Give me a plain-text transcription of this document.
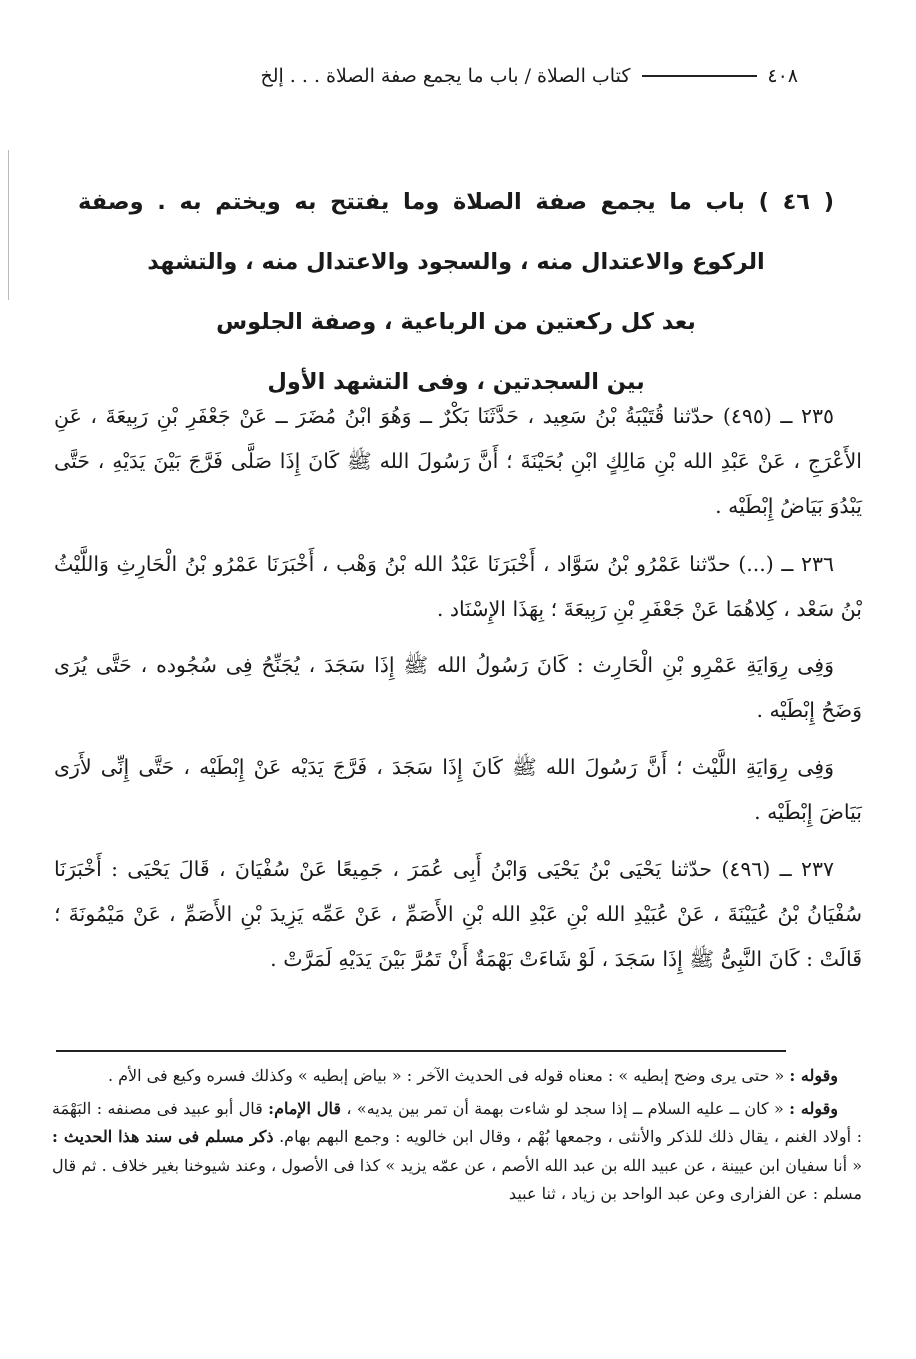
٤٠٨
كتاب الصلاة / باب ما يجمع صفة الصلاة . . . إلخ
( ٤٦ ) باب ما يجمع صفة الصلاة وما يفتتح به ويختم به . وصفة
الركوع والاعتدال منه ، والسجود والاعتدال منه ، والتشهد
بعد كل ركعتين من الرباعية ، وصفة الجلوس
بين السجدتين ، وفى التشهد الأول

٢٣٥ ــ (٤٩٥) حدّثنا قُتَيْبَةُ بْنُ سَعِيد ، حَدَّثَنَا بَكْرٌ ــ وَهُوَ ابْنُ مُضَرَ ــ عَنْ جَعْفَرِ بْنِ رَبِيعَةَ ، عَنِ الأَعْرَجِ ، عَنْ عَبْدِ الله بْنِ مَالِكٍ ابْنِ بُحَيْنَةَ ؛ أَنَّ رَسُولَ الله ﷺ كَانَ إِذَا صَلَّى فَرَّجَ بَيْنَ يَدَيْهِ ، حَتَّى يَبْدُوَ بَيَاضُ إِبْطَيْه .

٢٣٦ ــ (...) حدّثنا عَمْرُو بْنُ سَوَّاد ، أَخْبَرَنَا عَبْدُ الله بْنُ وَهْب ، أَخْبَرَنَا عَمْرُو بْنُ الْحَارِثِ وَاللَّيْثُ بْنُ سَعْد ، كِلاهُمَا عَنْ جَعْفَرِ بْنِ رَبِيعَةَ ؛ بِهَذَا الإِسْنَاد .

وَفِى رِوَايَةِ عَمْرِو بْنِ الْحَارِث : كَانَ رَسُولُ الله ﷺ إِذَا سَجَدَ ، يُجَنِّحُ فِى سُجُوده ، حَتَّى يُرَى وَضَحُ إِبْطَيْه .

وَفِى رِوَايَةِ اللَّيْث ؛ أَنَّ رَسُولَ الله ﷺ كَانَ إِذَا سَجَدَ ، فَرَّجَ يَدَيْه عَنْ إِبْطَيْه ، حَتَّى إِنِّى لأَرَى بَيَاضَ إِبْطَيْه .

٢٣٧ ــ (٤٩٦) حدّثنا يَحْيَى بْنُ يَحْيَى وَابْنُ أَبِى عُمَرَ ، جَمِيعًا عَنْ سُفْيَانَ ، قَالَ يَحْيَى : أَخْبَرَنَا سُفْيَانُ بْنُ عُيَيْنَةَ ، عَنْ عُبَيْدِ الله بْنِ عَبْدِ الله بْنِ الأَصَمِّ ، عَنْ عَمِّه يَزِيدَ بْنِ الأَصَمِّ ، عَنْ مَيْمُونَةَ ؛ قَالَتْ : كَانَ النَّبِىُّ ﷺ إِذَا سَجَدَ ، لَوْ شَاءَتْ بَهْمَةٌ أَنْ تَمُرَّ بَيْنَ يَدَيْهِ لَمَرَّتْ .

وقوله : « حتى يرى وضح إبطيه » : معناه قوله فى الحديث الآخر : « بياض إبطيه » وكذلك فسره وكيع فى الأم .

وقوله : « كان ــ عليه السلام ــ إذا سجد لو شاءت بهمة أن تمر بين يديه» ، قال الإمام: قال أبو عبيد فى مصنفه : البَهْمَة : أولاد الغنم ، يقال ذلك للذكر والأنثى ، وجمعها بُهْم ، وقال ابن خالويه : وجمع البهم بهام. ذكر مسلم فى سند هذا الحديث : « أنا سفيان ابن عيينة ، عن عبيد الله بن عبد الله الأصم ، عن عمّه يزيد » كذا فى الأصول ، وعند شيوخنا بغير خلاف . ثم قال مسلم : عن الفزارى وعن عبد الواحد بن زياد ، ثنا عبيد
